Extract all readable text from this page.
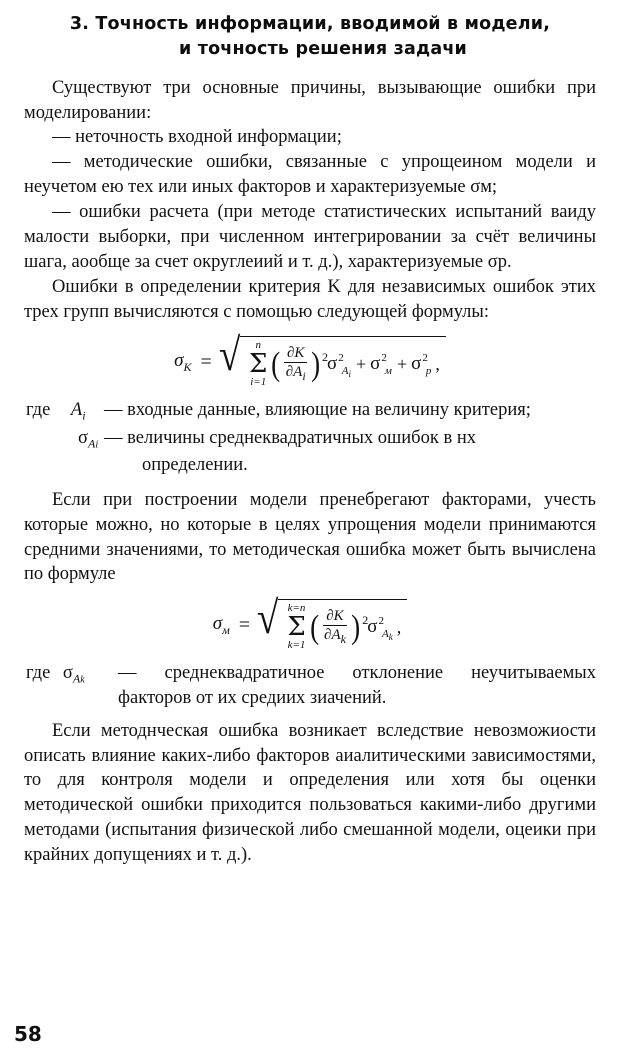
3. Точность информации, вводимой в модели,
и точность решения задачи

Существуют три основные причины, вызывающие ошибки при моделировании:

— неточность входной информации;

— методические ошибки, связанные с упрощеином модели и неучетом ею тех или иных факторов и характеризуемые σм;

— ошибки расчета (при методе статистических испытаний ваиду малости выборки, при численном интегрировании за счёт величины шага, аообще за счет округлеиий и т. д.), характеризуемые σр.

Ошибки в определении критерия K для независимых ошибок этих трех групп вычисляются с помощью следующей формулы:

$\sigma_K$ = √ n
Σ
i=1 ( $\frac{\partial K}{\partial A_i}$ ) 2 $\sigma^2_{Ai}$
+ $\sigma^2_м + \sigma^2_р$ ,
где $A_i$ — входные данные, влияющие на величину критерия;
$\sigma_{Ai}$ — величины среднеквадратичных ошибок в нх
определении.

Если при построении модели пренебрегают факторами, учесть которые можно, но которые в целях упрощения модели принимаются средними значениями, то методическая ошибка может быть вычислена по формуле

$\sigma_м$ = √ k=n
Σ
k=1 ( $\frac{\partial K}{\partial A_k}$ ) 2 $\sigma^2_{Ak}$
,
где $\sigma_{Ak}$	— среднеквадратичное отклонение неучитываемых факторов от их средиих зиачений.

Если методнческая ошибка возникает вследствие невозможиости описать влияние каких-либо факторов аиалитическими зависимостями, то для контроля модели и определения или хотя бы оценки методической ошибки приходится пользоваться какими-либо другими методами (испытания физической либо смешанной модели, оцеики при крайних допущениях и т. д.).

58
